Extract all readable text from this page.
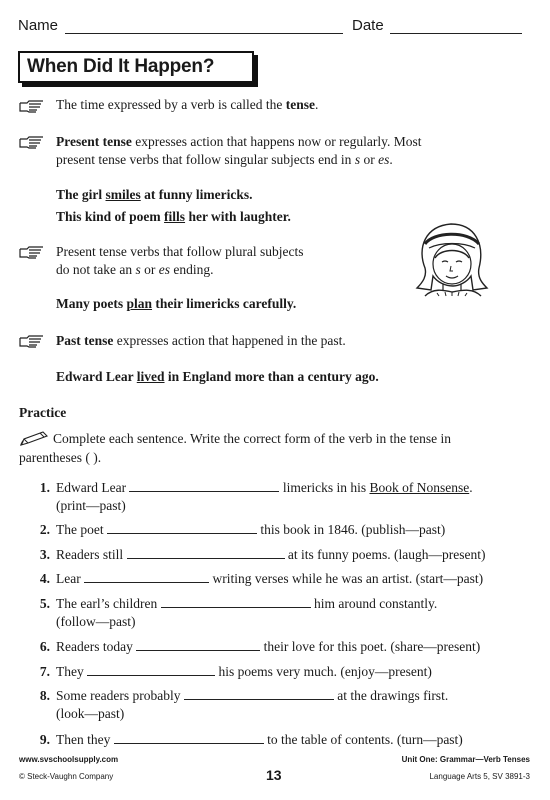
Name	Date
When Did It Happen?
The time expressed by a verb is called the tense.
Present tense expresses action that happens now or regularly. Most
present tense verbs that follow singular subjects end in s or es.
The girl smiles at funny limericks.
This kind of poem fills her with laughter.
Present tense verbs that follow plural subjects
do not take an s or es ending.
Many poets plan their limericks carefully.
Past tense expresses action that happened in the past.
Edward Lear lived in England more than a century ago.
Practice
Complete each sentence. Write the correct form of the verb in the tense in
parentheses ( ).
1. Edward Lear	limericks in his Book of Nonsense.
(print—past)
2. The poet	this book in 1846. (publish—past)
3. Readers still	at its funny poems. (laugh—present)
4. Lear	writing verses while he was an artist. (start—past)
5. The earl’s children	him around constantly.
(follow—past)
6. Readers today	their love for this poet. (share—present)
7. They	his poems very much. (enjoy—present)
8. Some readers probably	at the drawings first.
(look—past)
9. Then they	to the table of contents. (turn—past)
www.svschoolsupply.com	Unit One: Grammar—Verb Tenses
© Steck-Vaughn Company	13	Language Arts 5, SV 3891-3
